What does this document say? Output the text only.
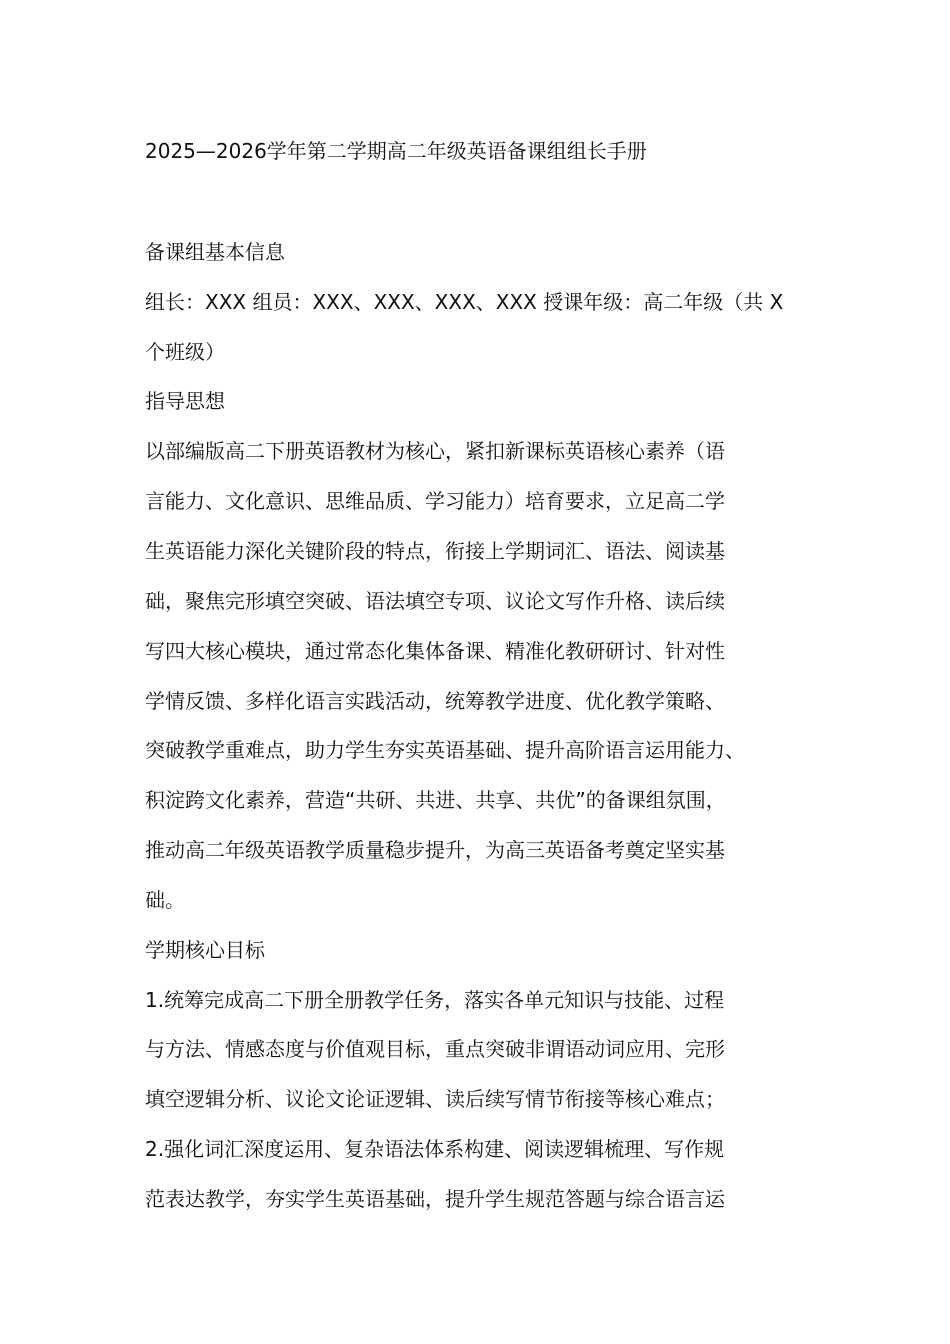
2025—2026学年第二学期高二年级英语备课组组长手册
备课组基本信息
组长：XXX 组员：XXX、XXX、XXX、XXX 授课年级：高二年级（共 X
个班级）
指导思想
以部编版高二下册英语教材为核心，紧扣新课标英语核心素养（语
言能力、文化意识、思维品质、学习能力）培育要求，立足高二学
生英语能力深化关键阶段的特点，衔接上学期词汇、语法、阅读基
础，聚焦完形填空突破、语法填空专项、议论文写作升格、读后续
写四大核心模块，通过常态化集体备课、精准化教研研讨、针对性
学情反馈、多样化语言实践活动，统筹教学进度、优化教学策略、
突破教学重难点，助力学生夯实英语基础、提升高阶语言运用能力、
积淀跨文化素养，营造“共研、共进、共享、共优”的备课组氛围，
推动高二年级英语教学质量稳步提升，为高三英语备考奠定坚实基
础。
学期核心目标
1.统筹完成高二下册全册教学任务，落实各单元知识与技能、过程
与方法、情感态度与价值观目标，重点突破非谓语动词应用、完形
填空逻辑分析、议论文论证逻辑、读后续写情节衔接等核心难点；
2.强化词汇深度运用、复杂语法体系构建、阅读逻辑梳理、写作规
范表达教学，夯实学生英语基础，提升学生规范答题与综合语言运
